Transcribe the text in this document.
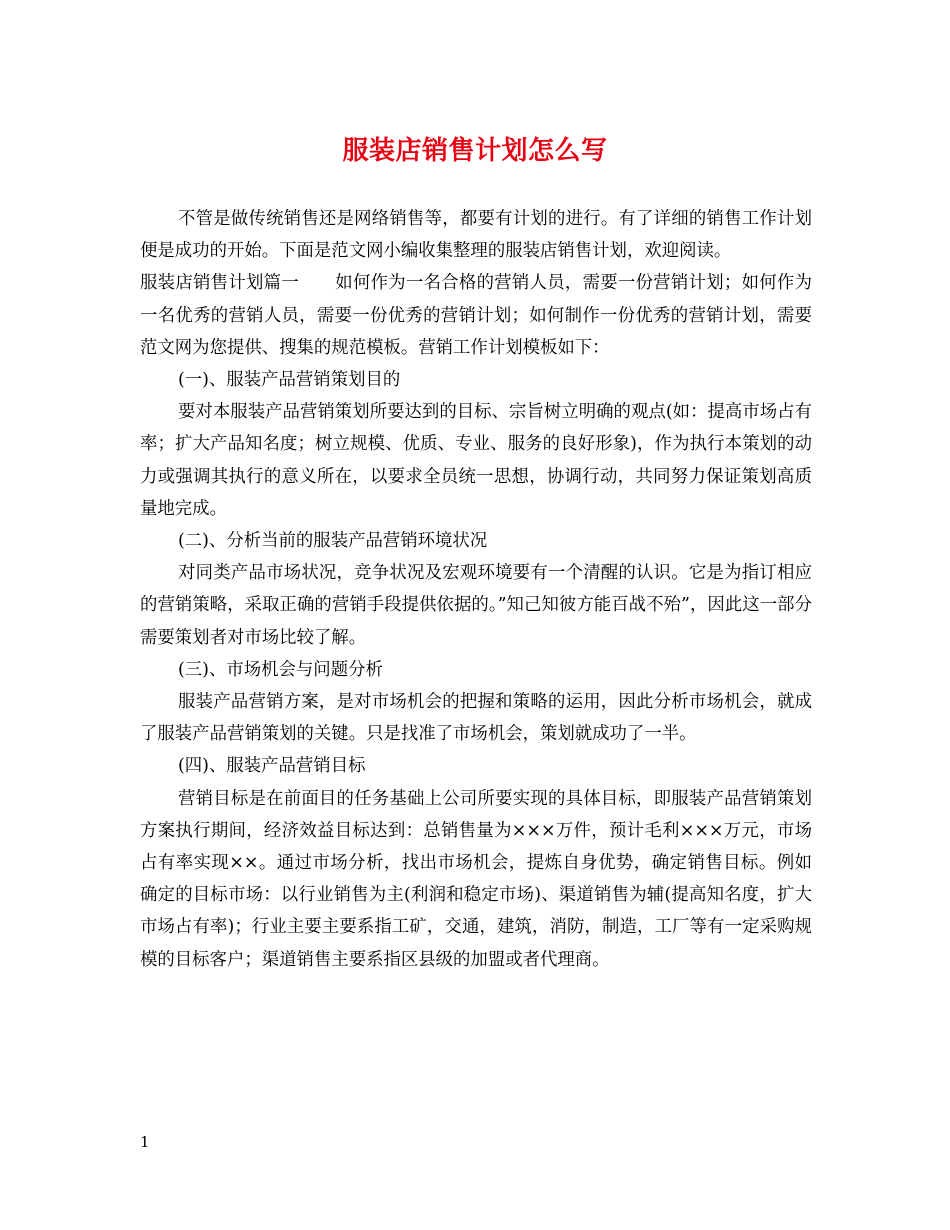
服装店销售计划怎么写

不管是做传统销售还是网络销售等，都要有计划的进行。有了详细的销售工作计划便是成功的开始。下面是范文网小编收集整理的服装店销售计划，欢迎阅读。

服装店销售计划篇一 如何作为一名合格的营销人员，需要一份营销计划；如何作为一名优秀的营销人员，需要一份优秀的营销计划；如何制作一份优秀的营销计划，需要范文网为您提供、搜集的规范模板。营销工作计划模板如下：

(一)、服装产品营销策划目的

要对本服装产品营销策划所要达到的目标、宗旨树立明确的观点(如：提高市场占有率；扩大产品知名度；树立规模、优质、专业、服务的良好形象)，作为执行本策划的动力或强调其执行的意义所在，以要求全员统一思想，协调行动，共同努力保证策划高质量地完成。

(二)、分析当前的服装产品营销环境状况

对同类产品市场状况，竞争状况及宏观环境要有一个清醒的认识。它是为指订相应的营销策略，采取正确的营销手段提供依据的。”知己知彼方能百战不殆”，因此这一部分需要策划者对市场比较了解。

(三)、市场机会与问题分析

服装产品营销方案，是对市场机会的把握和策略的运用，因此分析市场机会，就成了服装产品营销策划的关键。只是找准了市场机会，策划就成功了一半。

(四)、服装产品营销目标

营销目标是在前面目的任务基础上公司所要实现的具体目标，即服装产品营销策划方案执行期间，经济效益目标达到：总销售量为×××万件，预计毛利×××万元，市场占有率实现××。通过市场分析，找出市场机会，提炼自身优势，确定销售目标。例如确定的目标市场：以行业销售为主(利润和稳定市场)、渠道销售为辅(提高知名度，扩大市场占有率)；行业主要主要系指工矿，交通，建筑，消防，制造，工厂等有一定采购规模的目标客户；渠道销售主要系指区县级的加盟或者代理商。

1
